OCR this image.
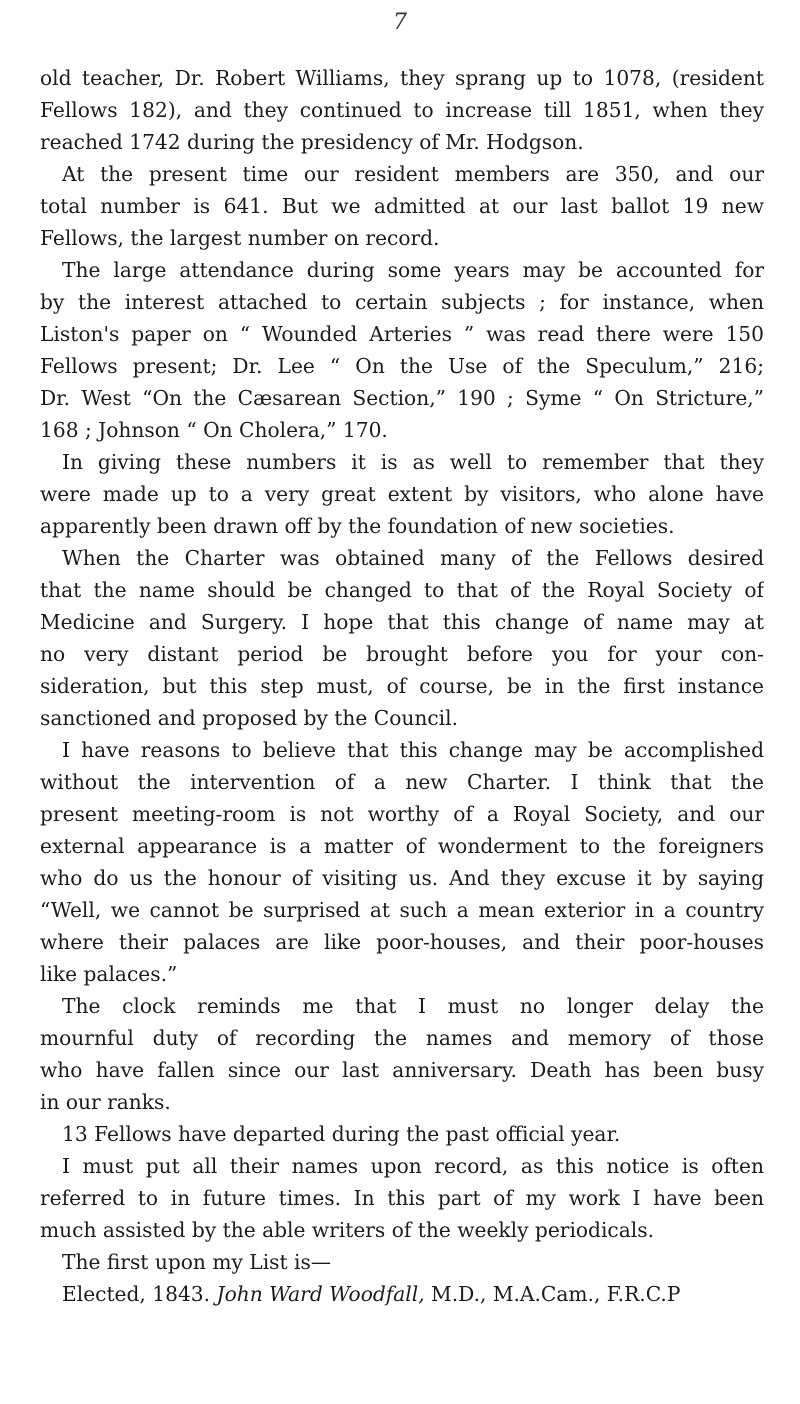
7
old teacher, Dr. Robert Williams, they sprang up to 1078, (resident
Fellows 182), and they continued to increase till 1851, when they
reached 1742 during the presidency of Mr. Hodgson.
At the present time our resident members are 350, and our
total number is 641. But we admitted at our last ballot 19 new
Fellows, the largest number on record.
The large attendance during some years may be accounted for
by the interest attached to certain subjects ; for instance, when
Liston's paper on “ Wounded Arteries ” was read there were 150
Fellows present; Dr. Lee “ On the Use of the Speculum,” 216;
Dr. West “On the Cæsarean Section,” 190 ; Syme “ On Stricture,”
168 ; Johnson “ On Cholera,” 170.
In giving these numbers it is as well to remember that they
were made up to a very great extent by visitors, who alone have
apparently been drawn off by the foundation of new societies.
When the Charter was obtained many of the Fellows desired
that the name should be changed to that of the Royal Society of
Medicine and Surgery. I hope that this change of name may at
no very distant period be brought before you for your con-
sideration, but this step must, of course, be in the first instance
sanctioned and proposed by the Council.
I have reasons to believe that this change may be accomplished
without the intervention of a new Charter. I think that the
present meeting-room is not worthy of a Royal Society, and our
external appearance is a matter of wonderment to the foreigners
who do us the honour of visiting us. And they excuse it by saying
“Well, we cannot be surprised at such a mean exterior in a country
where their palaces are like poor-houses, and their poor-houses
like palaces.”
The clock reminds me that I must no longer delay the
mournful duty of recording the names and memory of those
who have fallen since our last anniversary. Death has been busy
in our ranks.
13 Fellows have departed during the past official year.
I must put all their names upon record, as this notice is often
referred to in future times. In this part of my work I have been
much assisted by the able writers of the weekly periodicals.
The first upon my List is—
Elected, 1843. John Ward Woodfall, M.D., M.A.Cam., F.R.C.P
